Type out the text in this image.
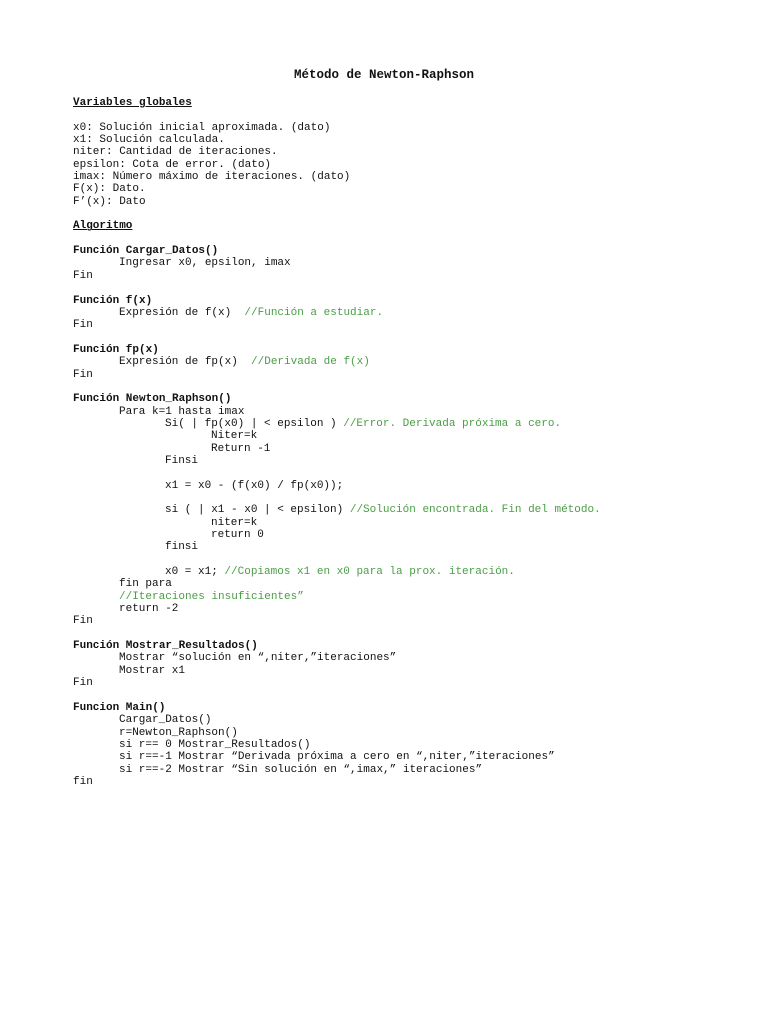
Método de Newton-Raphson
Variables globales
x0: Solución inicial aproximada. (dato)
x1: Solución calculada.
niter: Cantidad de iteraciones.
epsilon: Cota de error. (dato)
imax: Número máximo de iteraciones. (dato)
F(x): Dato.
F’(x): Dato
Algoritmo
Función Cargar_Datos()
Ingresar x0, epsilon, imax
Fin
Función f(x)
Expresión de f(x)  //Función a estudiar.
Fin
Función fp(x)
Expresión de fp(x)  //Derivada de f(x)
Fin
Función Newton_Raphson()
Para k=1 hasta imax
Si( | fp(x0) | < epsilon ) //Error. Derivada próxima a cero.
Niter=k
Return -1
Finsi
x1 = x0 - (f(x0) / fp(x0));
si ( | x1 - x0 | < epsilon) //Solución encontrada. Fin del método.
niter=k
return 0
finsi
x0 = x1; //Copiamos x1 en x0 para la prox. iteración.
fin para
//Iteraciones insuficientes”
return -2
Fin
Función Mostrar_Resultados()
Mostrar “solución en “,niter,”iteraciones”
Mostrar x1
Fin
Funcion Main()
Cargar_Datos()
r=Newton_Raphson()
si r== 0 Mostrar_Resultados()
si r==-1 Mostrar “Derivada próxima a cero en “,niter,”iteraciones”
si r==-2 Mostrar “Sin solución en “,imax,” iteraciones”
fin
